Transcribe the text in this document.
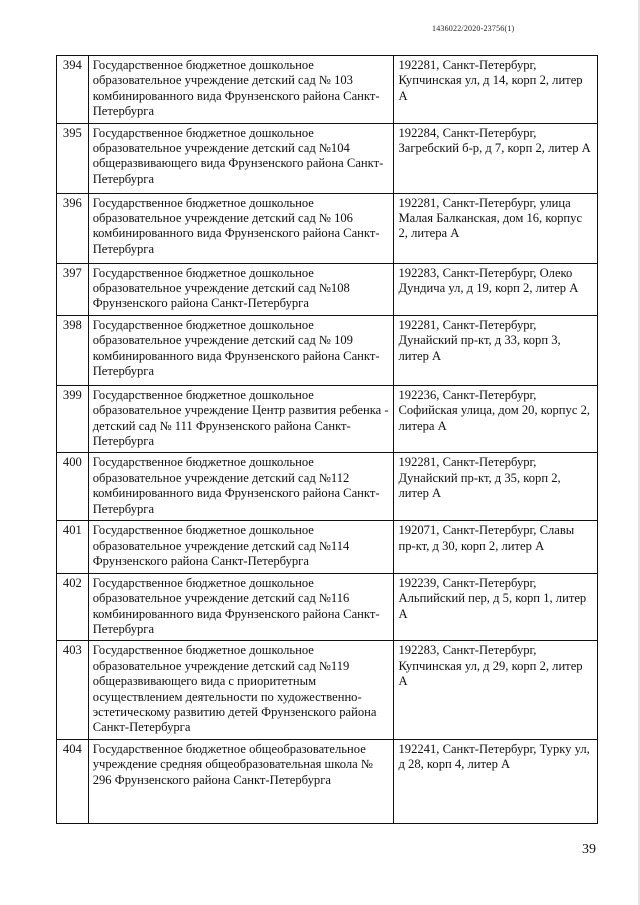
1436022/2020-23756(1)
394	Государственное бюджетное дошкольное образовательное учреждение детский сад № 103 комбинированного вида Фрунзенского района Санкт-Петербурга	192281, Санкт-Петербург, Купчинская ул, д 14, корп 2, литер А
395	Государственное бюджетное дошкольное образовательное учреждение детский сад №104 общеразвивающего вида Фрунзенского района Санкт-Петербурга	192284, Санкт-Петербург, Загребский б-р, д 7, корп 2, литер А
396	Государственное бюджетное дошкольное образовательное учреждение детский сад № 106 комбинированного вида Фрунзенского района Санкт-Петербурга	192281, Санкт-Петербург, улица Малая Балканская, дом 16, корпус 2, литера А
397	Государственное бюджетное дошкольное образовательное учреждение детский сад №108 Фрунзенского района Санкт-Петербурга	192283, Санкт-Петербург, Олеко Дундича ул, д 19, корп 2, литер А
398	Государственное бюджетное дошкольное образовательное учреждение детский сад № 109 комбинированного вида Фрунзенского района Санкт-Петербурга	192281, Санкт-Петербург, Дунайский пр-кт, д 33, корп 3, литер А
399	Государственное бюджетное дошкольное образовательное учреждение Центр развития ребенка - детский сад № 111 Фрунзенского района Санкт-Петербурга	192236, Санкт-Петербург, Софийская улица, дом 20, корпус 2, литера А
400	Государственное бюджетное дошкольное образовательное учреждение детский сад №112 комбинированного вида Фрунзенского района Санкт-Петербурга	192281, Санкт-Петербург, Дунайский пр-кт, д 35, корп 2, литер А
401	Государственное бюджетное дошкольное образовательное учреждение детский сад №114 Фрунзенского района Санкт-Петербурга	192071, Санкт-Петербург, Славы пр-кт, д 30, корп 2, литер А
402	Государственное бюджетное дошкольное образовательное учреждение детский сад №116 комбинированного вида Фрунзенского района Санкт-Петербурга	192239, Санкт-Петербург, Альпийский пер, д 5, корп 1, литер А
403	Государственное бюджетное дошкольное образовательное учреждение детский сад №119 общеразвивающего вида с приоритетным осуществлением деятельности по художественно-эстетическому развитию детей Фрунзенского района Санкт-Петербурга	192283, Санкт-Петербург, Купчинская ул, д 29, корп 2, литер А
404	Государственное бюджетное общеобразовательное учреждение средняя общеобразовательная школа № 296 Фрунзенского района Санкт-Петербурга	192241, Санкт-Петербург, Турку ул, д 28, корп 4, литер А
39
